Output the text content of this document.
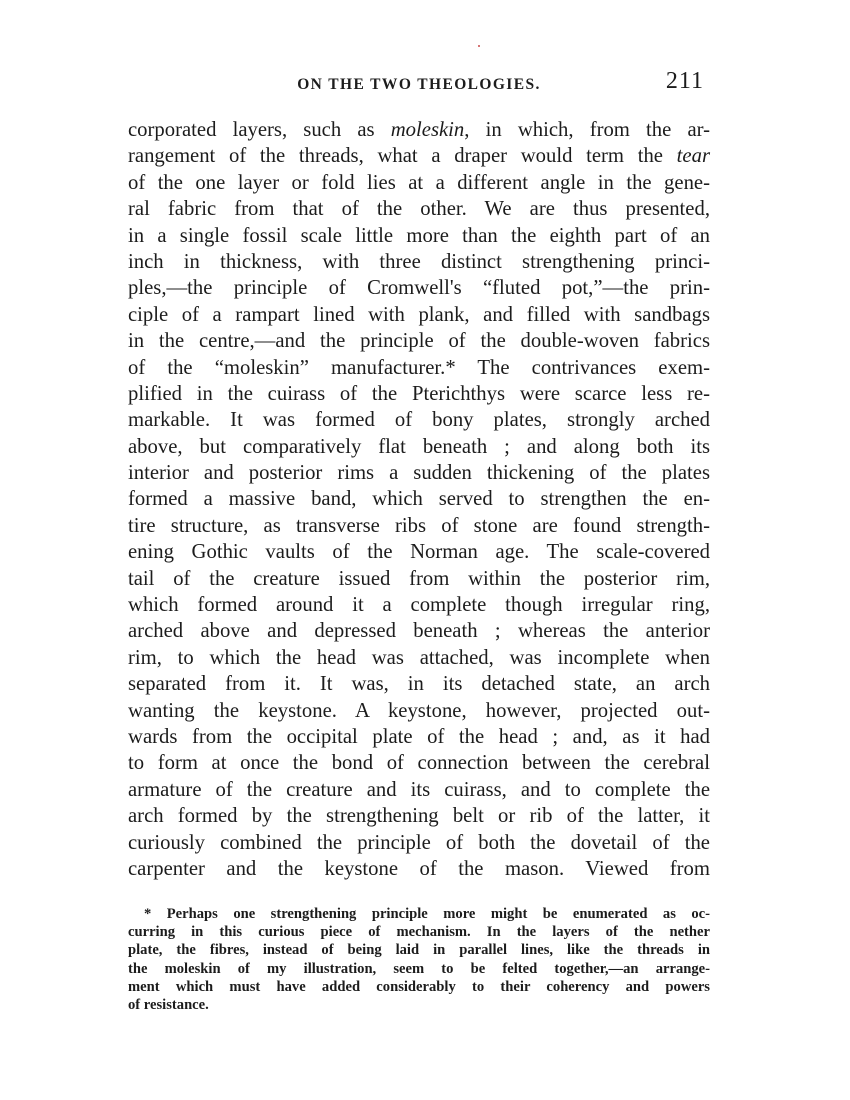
ON THE TWO THEOLOGIES.	211
corporated layers, such as moleskin, in which, from the ar-
rangement of the threads, what a draper would term the tear
of the one layer or fold lies at a different angle in the gene-
ral fabric from that of the other. We are thus presented,
in a single fossil scale little more than the eighth part of an
inch in thickness, with three distinct strengthening princi-
ples,—the principle of Cromwell's “fluted pot,”—the prin-
ciple of a rampart lined with plank, and filled with sandbags
in the centre,—and the principle of the double-woven fabrics
of the “moleskin” manufacturer.* The contrivances exem-
plified in the cuirass of the Pterichthys were scarce less re-
markable. It was formed of bony plates, strongly arched
above, but comparatively flat beneath ; and along both its
interior and posterior rims a sudden thickening of the plates
formed a massive band, which served to strengthen the en-
tire structure, as transverse ribs of stone are found strength-
ening Gothic vaults of the Norman age. The scale-covered
tail of the creature issued from within the posterior rim,
which formed around it a complete though irregular ring,
arched above and depressed beneath ; whereas the anterior
rim, to which the head was attached, was incomplete when
separated from it. It was, in its detached state, an arch
wanting the keystone. A keystone, however, projected out-
wards from the occipital plate of the head ; and, as it had
to form at once the bond of connection between the cerebral
armature of the creature and its cuirass, and to complete the
arch formed by the strengthening belt or rib of the latter, it
curiously combined the principle of both the dovetail of the
carpenter and the keystone of the mason. Viewed from
* Perhaps one strengthening principle more might be enumerated as oc-
curring in this curious piece of mechanism. In the layers of the nether
plate, the fibres, instead of being laid in parallel lines, like the threads in
the moleskin of my illustration, seem to be felted together,—an arrange-
ment which must have added considerably to their coherency and powers
of resistance.
